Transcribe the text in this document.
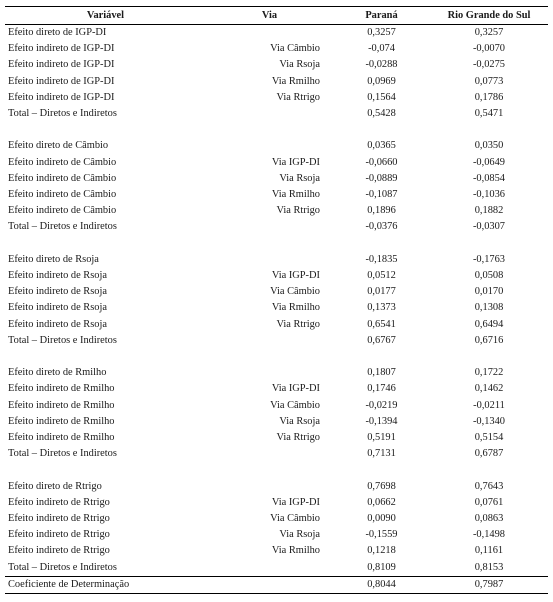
Variável	Via	Paraná	Rio Grande do Sul
Efeito direto de IGP-DI		0,3257	0,3257
Efeito indireto de IGP-DI	Via Câmbio	-0,074	-0,0070
Efeito indireto de IGP-DI	Via Rsoja	-0,0288	-0,0275
Efeito indireto de IGP-DI	Via Rmilho	0,0969	0,0773
Efeito indireto de IGP-DI	Via Rtrigo	0,1564	0,1786
Total – Diretos e Indiretos		0,5428	0,5471

Efeito direto de Câmbio		0,0365	0,0350
Efeito indireto de Câmbio	Via IGP-DI	-0,0660	-0,0649
Efeito indireto de Câmbio	Via Rsoja	-0,0889	-0,0854
Efeito indireto de Câmbio	Via Rmilho	-0,1087	-0,1036
Efeito indireto de Câmbio	Via Rtrigo	0,1896	0,1882
Total – Diretos e Indiretos		-0,0376	-0,0307

Efeito direto de Rsoja		-0,1835	-0,1763
Efeito indireto de Rsoja	Via IGP-DI	0,0512	0,0508
Efeito indireto de Rsoja	Via Câmbio	0,0177	0,0170
Efeito indireto de Rsoja	Via Rmilho	0,1373	0,1308
Efeito indireto de Rsoja	Via Rtrigo	0,6541	0,6494
Total – Diretos e Indiretos		0,6767	0,6716

Efeito direto de Rmilho		0,1807	0,1722
Efeito indireto de Rmilho	Via IGP-DI	0,1746	0,1462
Efeito indireto de Rmilho	Via Câmbio	-0,0219	-0,0211
Efeito indireto de Rmilho	Via Rsoja	-0,1394	-0,1340
Efeito indireto de Rmilho	Via Rtrigo	0,5191	0,5154
Total – Diretos e Indiretos		0,7131	0,6787

Efeito direto de Rtrigo		0,7698	0,7643
Efeito indireto de Rtrigo	Via IGP-DI	0,0662	0,0761
Efeito indireto de Rtrigo	Via Câmbio	0,0090	0,0863
Efeito indireto de Rtrigo	Via Rsoja	-0,1559	-0,1498
Efeito indireto de Rtrigo	Via Rmilho	0,1218	0,1161
Total – Diretos e Indiretos		0,8109	0,8153
Coeficiente de Determinação		0,8044	0,7987
